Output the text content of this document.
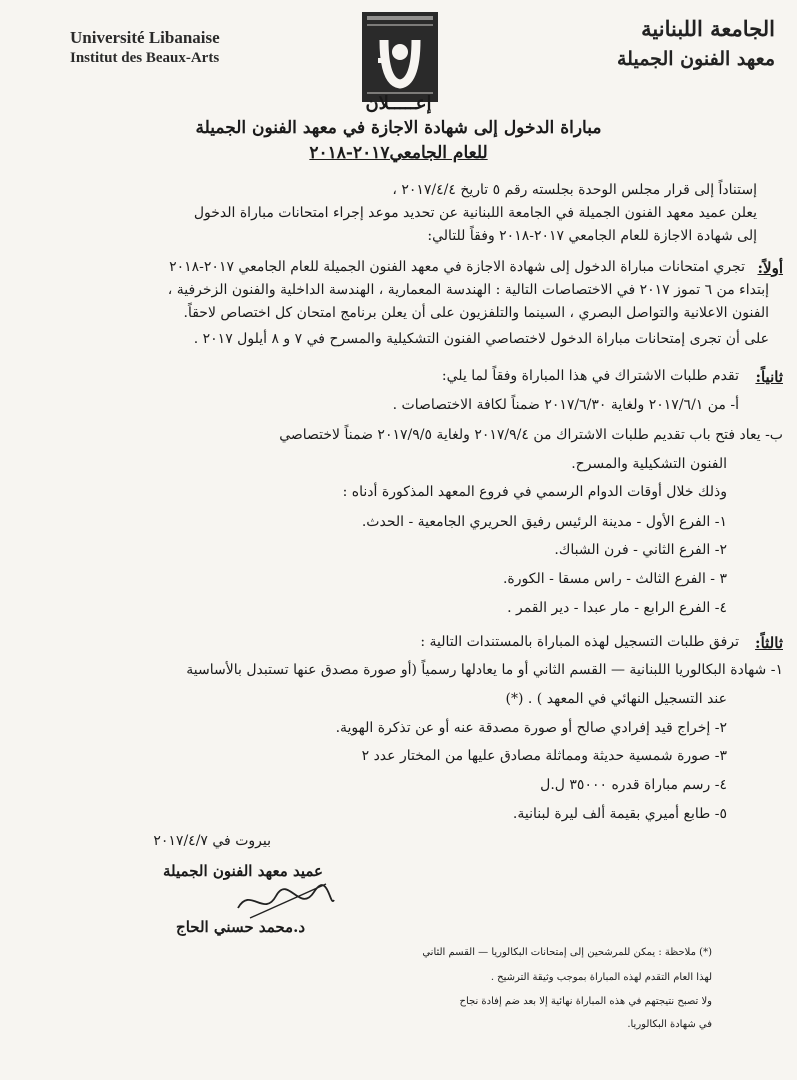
Université Libanaise
Institut des Beaux-Arts
الجامعة اللبنانية
معهد الفنون الجميلة
إعـــــلان
مباراة الدخول إلى شهادة الاجازة في معهد الفنون الجميلة
للعام الجامعي٢٠١٧-٢٠١٨
إستناداً إلى قرار مجلس الوحدة بجلسته رقم ٥ تاريخ ٢٠١٧/٤/٤ ،
يعلن عميد معهد الفنون الجميلة في الجامعة اللبنانية عن تحديد موعد إجراء امتحانات مباراة الدخول
إلى شهادة الاجازة للعام الجامعي ٢٠١٧-٢٠١٨ وفقاً للتالي:
أولاً:
تجري امتحانات مباراة الدخول إلى شهادة الاجازة في معهد الفنون الجميلة للعام الجامعي ٢٠١٧-٢٠١٨
إبتداء من ٦ تموز ٢٠١٧ في الاختصاصات التالية : الهندسة المعمارية ، الهندسة الداخلية والفنون الزخرفية ،
الفنون الاعلانية والتواصل البصري ، السينما والتلفزيون على أن يعلن برنامج امتحان كل اختصاص لاحقاً.
على أن تجرى إمتحانات مباراة الدخول لاختصاصي الفنون التشكيلية والمسرح في ٧ و ٨ أيلول ٢٠١٧ .
ثانياً:
تقدم طلبات الاشتراك في هذا المباراة وفقاً لما يلي:
أ- من ٢٠١٧/٦/١ ولغاية ٢٠١٧/٦/٣٠ ضمناً لكافة الاختصاصات .
ب- يعاد فتح باب تقديم طلبات الاشتراك من ٢٠١٧/٩/٤ ولغاية ٢٠١٧/٩/٥ ضمناً لاختصاصي
الفنون التشكيلية والمسرح.
وذلك خلال أوقات الدوام الرسمي في فروع المعهد المذكورة أدناه :
١- الفرع الأول - مدينة الرئيس رفيق الحريري الجامعية - الحدث.
٢- الفرع الثاني - فرن الشباك.
٣ - الفرع الثالث - راس مسقا - الكورة.
٤- الفرع الرابع - مار عبدا - دير القمر .
ثالثاً:
ترفق طلبات التسجيل لهذه المباراة بالمستندات التالية :
١- شهادة البكالوريا اللبنانية — القسم الثاني أو ما يعادلها رسمياً (أو صورة مصدق عنها تستبدل بالأساسية
عند التسجيل النهائي في المعهد ) . (*)
٢- إخراج قيد إفرادي صالح أو صورة مصدقة عنه أو عن تذكرة الهوية.
٣- صورة شمسية حديثة ومماثلة مصادق عليها من المختار عدد ٢
٤- رسم مباراة قدره ٣٥٠٠٠ ل.ل
٥- طابع أميري بقيمة ألف ليرة لبنانية.
بيروت في ٢٠١٧/٤/٧
عميد معهد الفنون الجميلة
د.محمد حسني الحاج
(*) ملاحظة : يمكن للمرشحين إلى إمتحانات البكالوريا — القسم الثاني
لهذا العام التقدم لهذه المباراة بموجب وثيقة الترشيح .
ولا تصبح نتيجتهم في هذه المباراة نهائية إلا بعد ضم إفادة نجاح
في شهادة البكالوريا.
